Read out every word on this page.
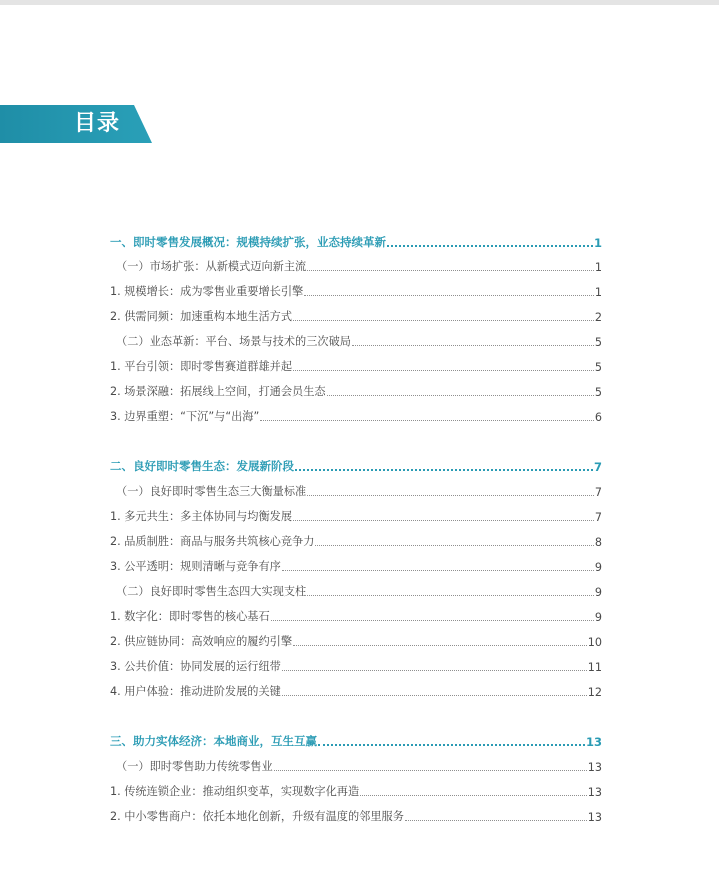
目录
一、即时零售发展概况：规模持续扩张，业态持续革新	1
（一）市场扩张：从新模式迈向新主流	1
1. 规模增长：成为零售业重要增长引擎	1
2. 供需同频：加速重构本地生活方式	2
（二）业态革新：平台、场景与技术的三次破局	5
1. 平台引领：即时零售赛道群雄并起	5
2. 场景深融：拓展线上空间，打通会员生态	5
3. 边界重塑：“下沉”与“出海”	6
二、良好即时零售生态：发展新阶段	7
（一）良好即时零售生态三大衡量标准	7
1. 多元共生：多主体协同与均衡发展	7
2. 品质制胜：商品与服务共筑核心竞争力	8
3. 公平透明：规则清晰与竞争有序	9
（二）良好即时零售生态四大实现支柱	9
1. 数字化：即时零售的核心基石	9
2. 供应链协同：高效响应的履约引擎	10
3. 公共价值：协同发展的运行纽带	11
4. 用户体验：推动进阶发展的关键	12
三、助力实体经济：本地商业，互生互赢	13
（一）即时零售助力传统零售业	13
1. 传统连锁企业：推动组织变革，实现数字化再造	13
2. 中小零售商户：依托本地化创新，升级有温度的邻里服务	13
